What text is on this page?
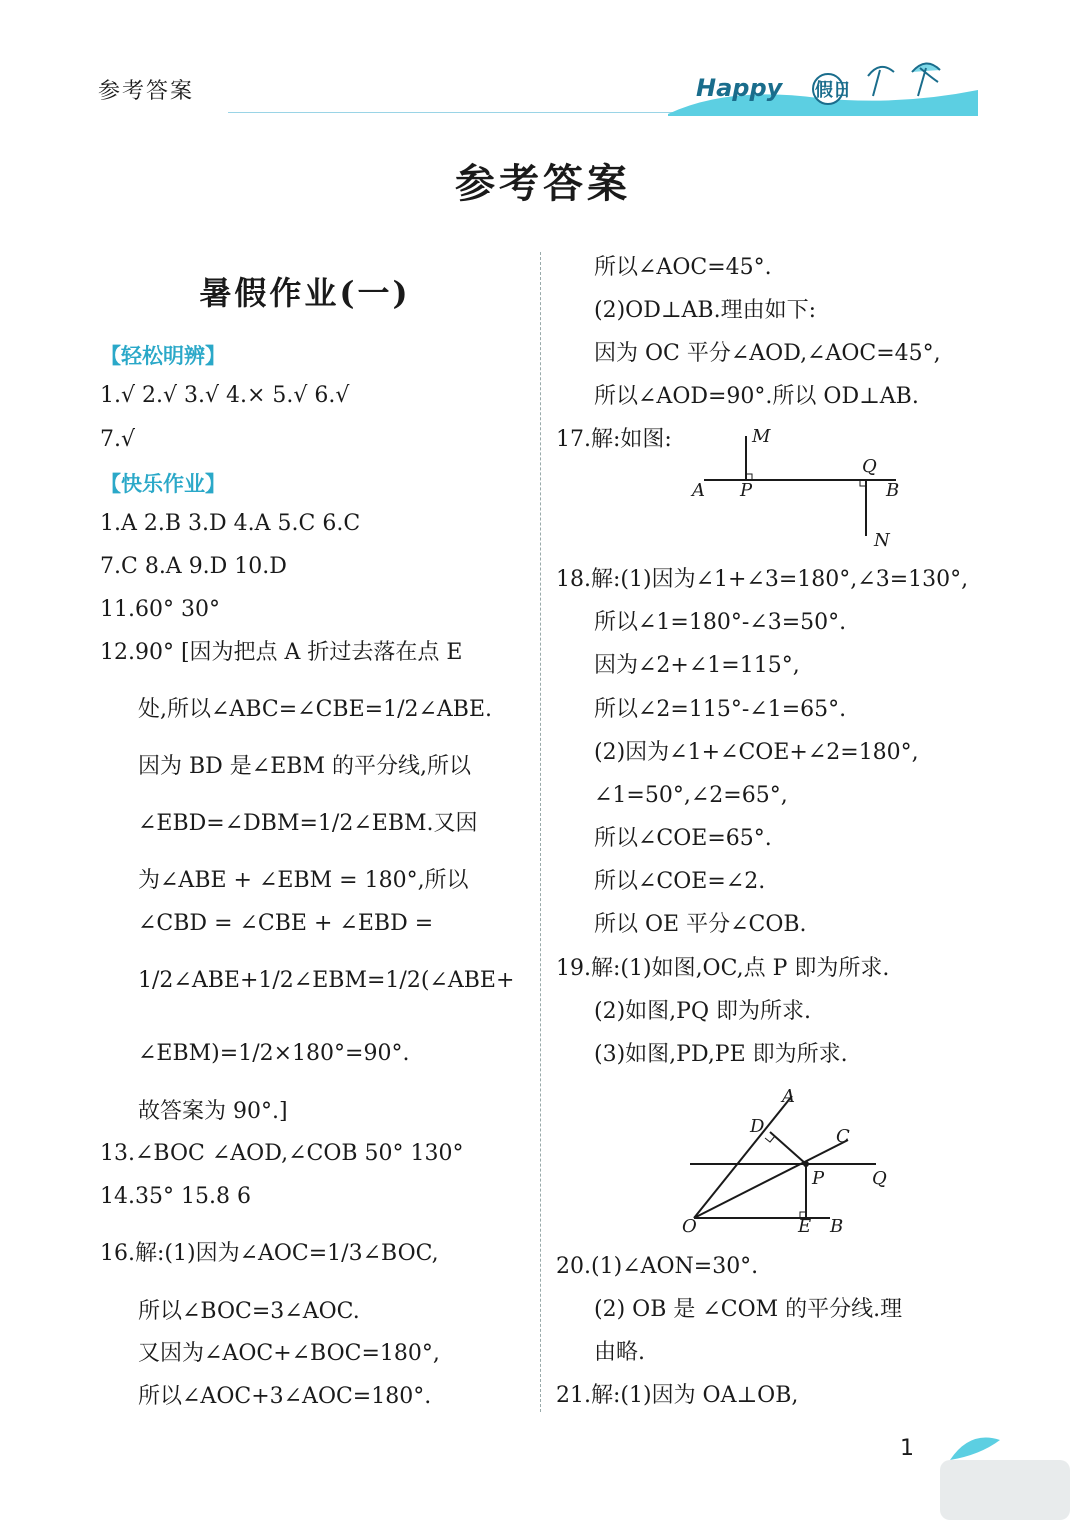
参考答案	Happy 假日
参考答案
暑假作业(一)
【轻松明辨】
1.√ 2.√ 3.√ 4.× 5.√ 6.√
7.√
【快乐作业】
1.A 2.B 3.D 4.A 5.C 6.C
7.C 8.A 9.D 10.D
11.60° 30°
12.90° [因为把点 A 折过去落在点 E
处,所以∠ABC=∠CBE=1/2∠ABE.
因为 BD 是∠EBM 的平分线,所以
∠EBD=∠DBM=1/2∠EBM.又因
为∠ABE + ∠EBM = 180°,所以
∠CBD = ∠CBE + ∠EBD =
1/2∠ABE+1/2∠EBM=1/2(∠ABE+
∠EBM)=1/2×180°=90°.
故答案为 90°.]
13.∠BOC ∠AOD,∠COB 50° 130°
14.35° 15.8 6
16.解:(1)因为∠AOC=1/3∠BOC,
所以∠BOC=3∠AOC.
又因为∠AOC+∠BOC=180°,
所以∠AOC+3∠AOC=180°.
所以∠AOC=45°.
(2)OD⊥AB.理由如下:
因为 OC 平分∠AOD,∠AOC=45°,
所以∠AOD=90°.所以 OD⊥AB.
17.解:如图:	M
Q
A P	B
N
18.解:(1)因为∠1+∠3=180°,∠3=130°,
所以∠1=180°-∠3=50°.
因为∠2+∠1=115°,
所以∠2=115°-∠1=65°.
(2)因为∠1+∠COE+∠2=180°,
∠1=50°,∠2=65°,
所以∠COE=65°.
所以∠COE=∠2.
所以 OE 平分∠COB.
19.解:(1)如图,OC,点 P 即为所求.
(2)如图,PQ 即为所求.
(3)如图,PD,PE 即为所求.
A
D	C
P	Q
O	E B
20.(1)∠AON=30°.
(2) OB 是 ∠COM 的平分线.理
由略.
21.解:(1)因为 OA⊥OB,
1
